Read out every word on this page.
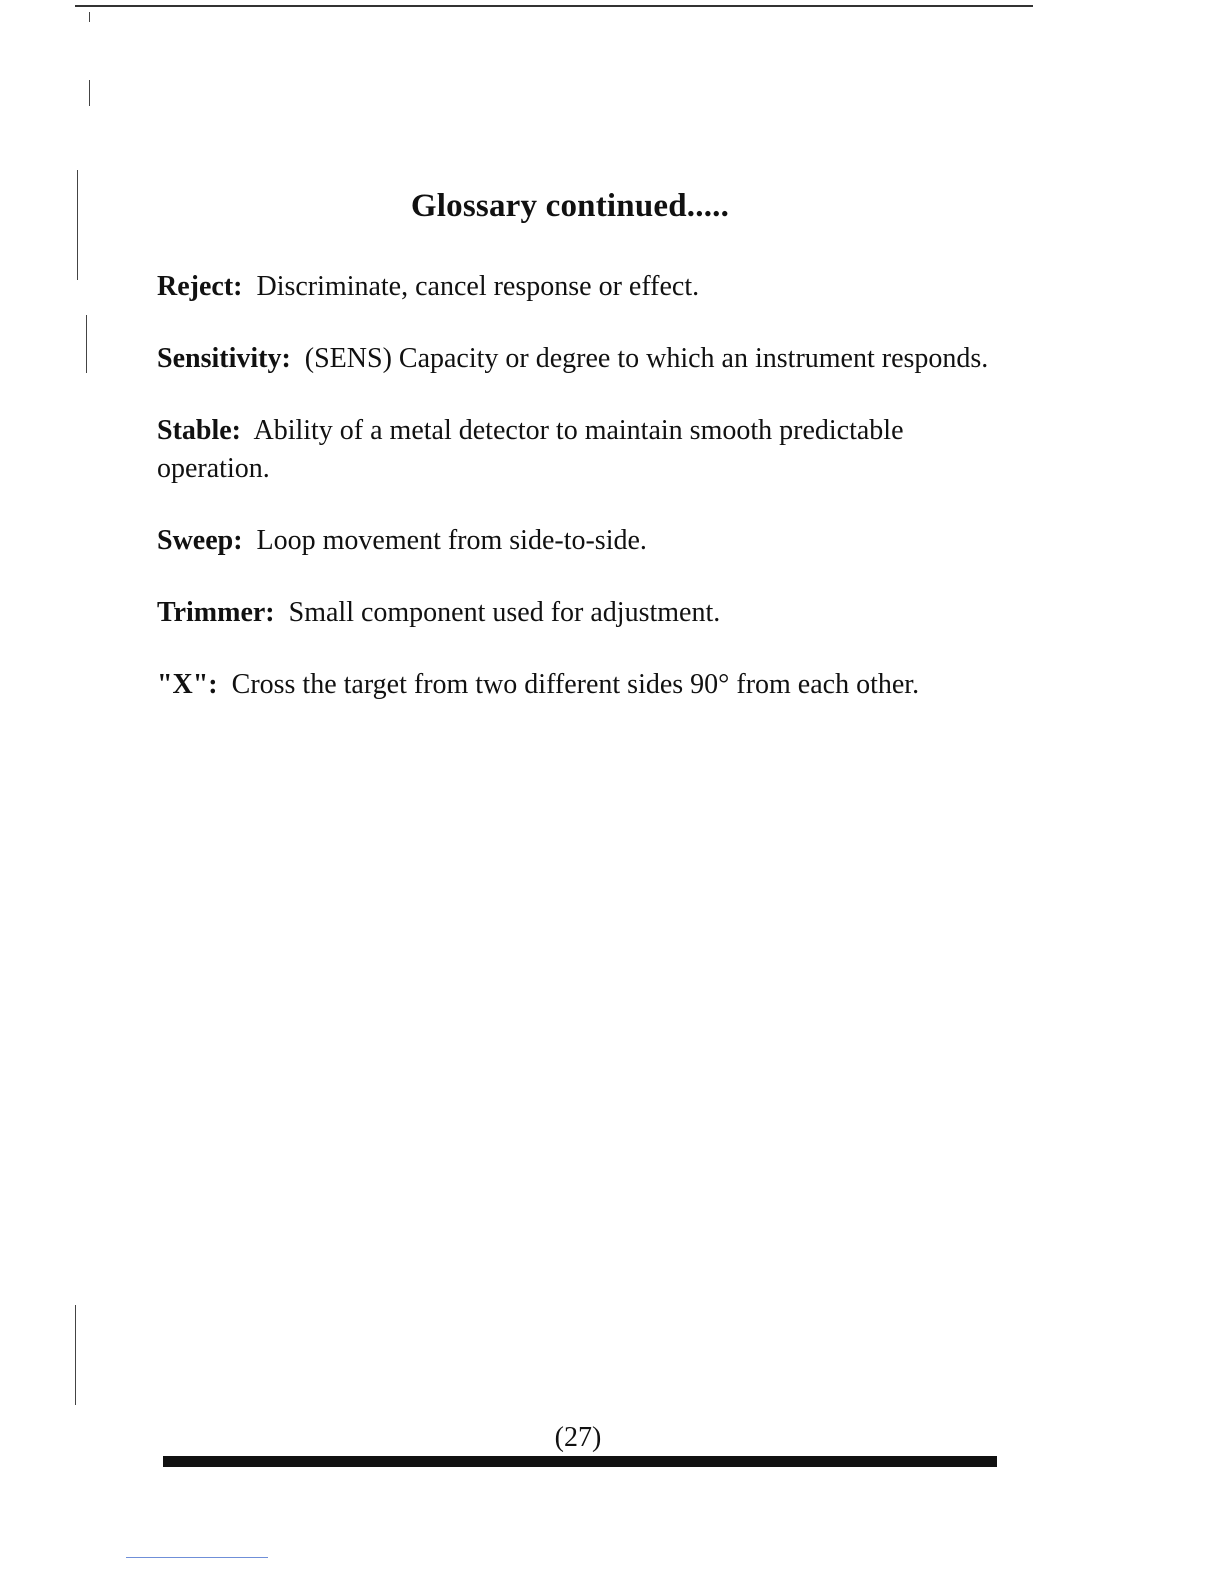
Glossary continued.....
Reject: Discriminate, cancel response or effect.
Sensitivity: (SENS) Capacity or degree to which an instrument responds.
Stable: Ability of a metal detector to maintain smooth predictable operation.
Sweep: Loop movement from side-to-side.
Trimmer: Small component used for adjustment.
"X": Cross the target from two different sides 90° from each other.
(27)
